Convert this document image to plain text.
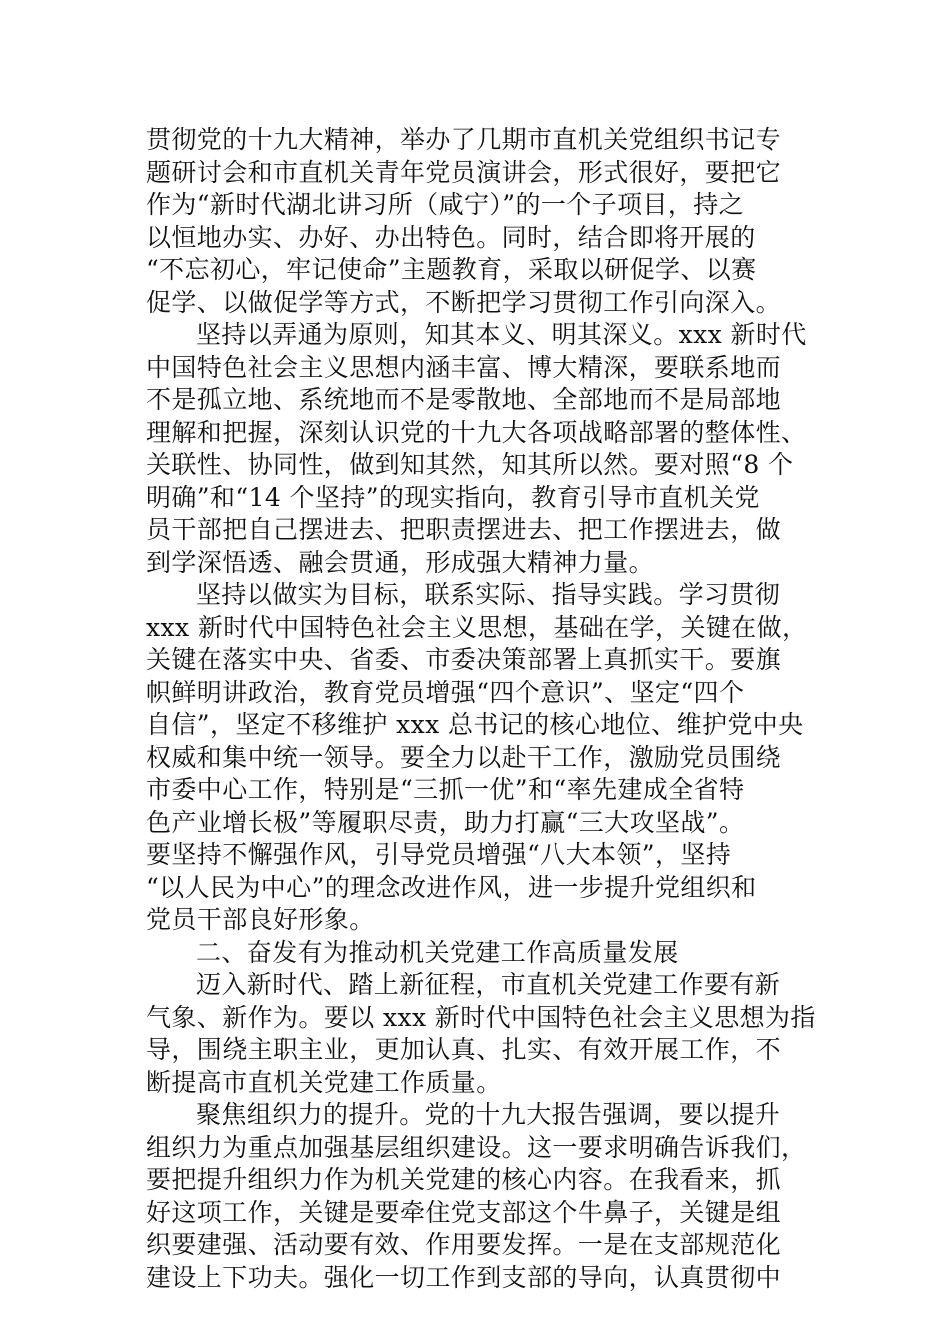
贯彻党的十九大精神，举办了几期市直机关党组织书记专
题研讨会和市直机关青年党员演讲会，形式很好，要把它
作为“新时代湖北讲习所（咸宁）”的一个子项目，持之
以恒地办实、办好、办出特色。同时，结合即将开展的
“不忘初心，牢记使命”主题教育，采取以研促学、以赛
促学、以做促学等方式，不断把学习贯彻工作引向深入。

坚持以弄通为原则，知其本义、明其深义。xxx 新时代
中国特色社会主义思想内涵丰富、博大精深，要联系地而
不是孤立地、系统地而不是零散地、全部地而不是局部地
理解和把握，深刻认识党的十九大各项战略部署的整体性、
关联性、协同性，做到知其然，知其所以然。要对照“8 个
明确”和“14 个坚持”的现实指向，教育引导市直机关党
员干部把自己摆进去、把职责摆进去、把工作摆进去，做
到学深悟透、融会贯通，形成强大精神力量。

坚持以做实为目标，联系实际、指导实践。学习贯彻
xxx 新时代中国特色社会主义思想，基础在学，关键在做，
关键在落实中央、省委、市委决策部署上真抓实干。要旗
帜鲜明讲政治，教育党员增强“四个意识”、坚定“四个
自信”，坚定不移维护 xxx 总书记的核心地位、维护党中央
权威和集中统一领导。要全力以赴干工作，激励党员围绕
市委中心工作，特别是“三抓一优”和“率先建成全省特
色产业增长极”等履职尽责，助力打赢“三大攻坚战”。
要坚持不懈强作风，引导党员增强“八大本领”，坚持
“以人民为中心”的理念改进作风，进一步提升党组织和
党员干部良好形象。

二、奋发有为推动机关党建工作高质量发展

迈入新时代、踏上新征程，市直机关党建工作要有新
气象、新作为。要以 xxx 新时代中国特色社会主义思想为指
导，围绕主职主业，更加认真、扎实、有效开展工作，不
断提高市直机关党建工作质量。

聚焦组织力的提升。党的十九大报告强调，要以提升
组织力为重点加强基层组织建设。这一要求明确告诉我们，
要把提升组织力作为机关党建的核心内容。在我看来，抓
好这项工作，关键是要牵住党支部这个牛鼻子，关键是组
织要建强、活动要有效、作用要发挥。一是在支部规范化
建设上下功夫。强化一切工作到支部的导向，认真贯彻中
